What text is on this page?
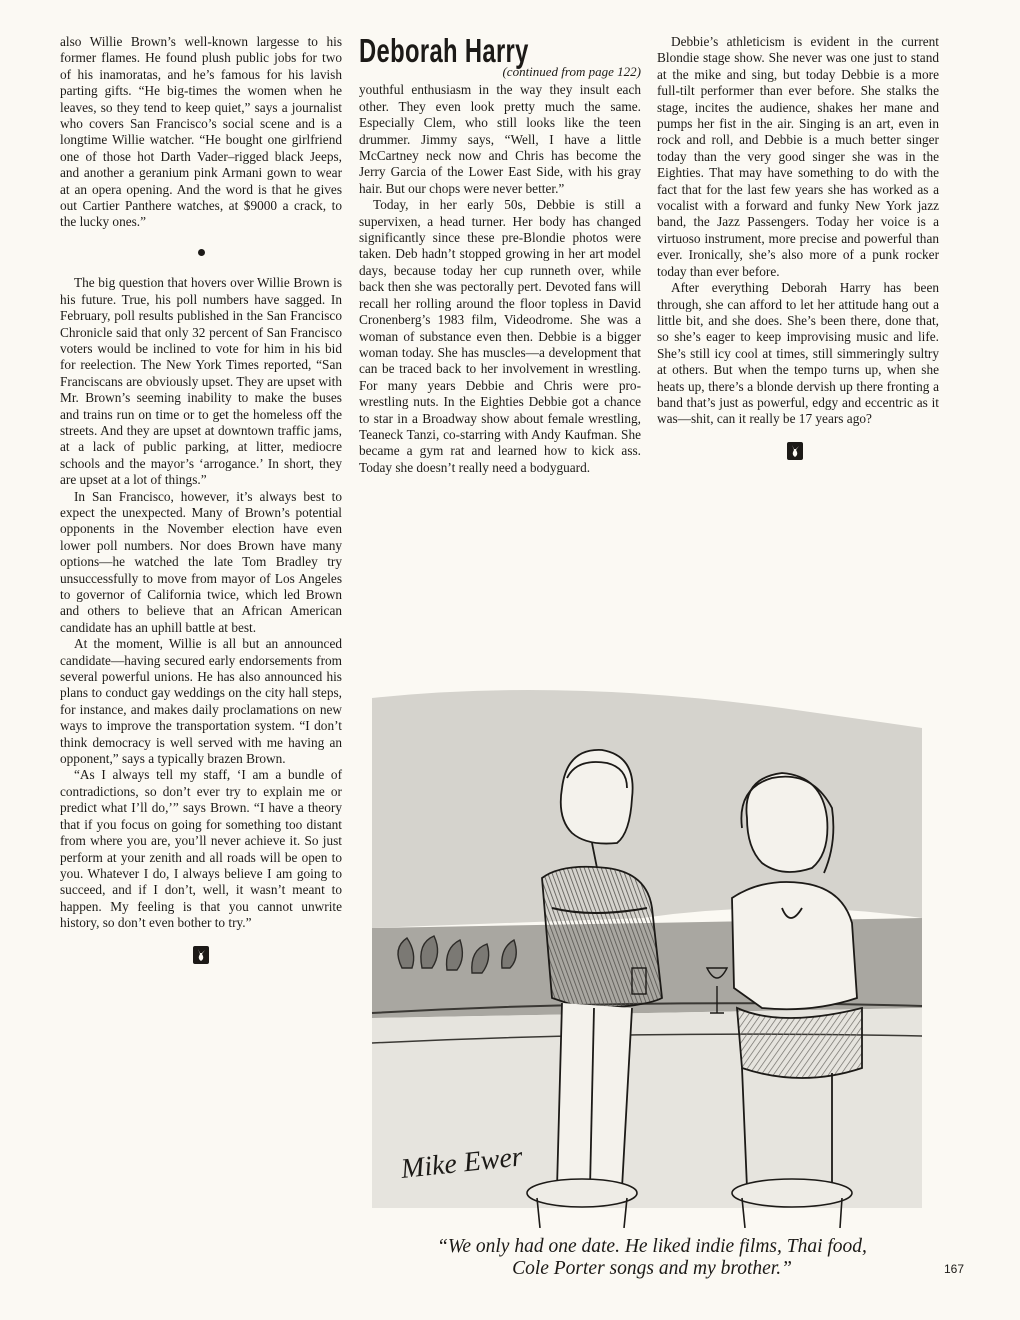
also Willie Brown’s well-known largesse to his former flames. He found plush public jobs for two of his inamoratas, and he’s famous for his lavish parting gifts. “He big-times the women when he leaves, so they tend to keep quiet,” says a journalist who covers San Francisco’s social scene and is a longtime Willie watcher. “He bought one girlfriend one of those hot Darth Vader–rigged black Jeeps, and another a geranium pink Armani gown to wear at an opera opening. And the word is that he gives out Cartier Panthere watches, at $9000 a crack, to the lucky ones.”

The big question that hovers over Willie Brown is his future. True, his poll numbers have sagged. In February, poll results published in the San Francisco Chronicle said that only 32 percent of San Francisco voters would be inclined to vote for him in his bid for reelection. The New York Times reported, “San Franciscans are obviously upset. They are upset with Mr. Brown’s seeming inability to make the buses and trains run on time or to get the homeless off the streets. And they are upset at downtown traffic jams, at a lack of public parking, at litter, mediocre schools and the mayor’s ‘arrogance.’ In short, they are upset at a lot of things.”

In San Francisco, however, it’s always best to expect the unexpected. Many of Brown’s potential opponents in the November election have even lower poll numbers. Nor does Brown have many options—he watched the late Tom Bradley try unsuccessfully to move from mayor of Los Angeles to governor of California twice, which led Brown and others to believe that an African American candidate has an uphill battle at best.

At the moment, Willie is all but an announced candidate—having secured early endorsements from several powerful unions. He has also announced his plans to conduct gay weddings on the city hall steps, for instance, and makes daily proclamations on new ways to improve the transportation system. “I don’t think democracy is well served with me having an opponent,” says a typically brazen Brown.

“As I always tell my staff, ‘I am a bundle of contradictions, so don’t ever try to explain me or predict what I’ll do,’” says Brown. “I have a theory that if you focus on going for something too distant from where you are, you’ll never achieve it. So just perform at your zenith and all roads will be open to you. Whatever I do, I always believe I am going to succeed, and if I don’t, well, it wasn’t meant to happen. My feeling is that you cannot unwrite history, so don’t even bother to try.”

Deborah Harry
(continued from page 122)

youthful enthusiasm in the way they insult each other. They even look pretty much the same. Especially Clem, who still looks like the teen drummer. Jimmy says, “Well, I have a little McCartney neck now and Chris has become the Jerry Garcia of the Lower East Side, with his gray hair. But our chops were never better.”

Today, in her early 50s, Debbie is still a supervixen, a head turner. Her body has changed significantly since these pre-Blondie photos were taken. Deb hadn’t stopped growing in her art model days, because today her cup runneth over, while back then she was pectorally pert. Devoted fans will recall her rolling around the floor topless in David Cronenberg’s 1983 film, Videodrome. She was a woman of substance even then. Debbie is a bigger woman today. She has muscles—a development that can be traced back to her involvement in wrestling. For many years Debbie and Chris were pro-wrestling nuts. In the Eighties Debbie got a chance to star in a Broadway show about female wrestling, Teaneck Tanzi, co-starring with Andy Kaufman. She became a gym rat and learned how to kick ass. Today she doesn’t really need a bodyguard.

Debbie’s athleticism is evident in the current Blondie stage show. She never was one just to stand at the mike and sing, but today Debbie is a more full-tilt performer than ever before. She stalks the stage, incites the audience, shakes her mane and pumps her fist in the air. Singing is an art, even in rock and roll, and Debbie is a much better singer today than the very good singer she was in the Eighties. That may have something to do with the fact that for the last few years she has worked as a vocalist with a forward and funky New York jazz band, the Jazz Passengers. Today her voice is a virtuoso instrument, more precise and powerful than ever. Ironically, she’s also more of a punk rocker today than ever before.

After everything Deborah Harry has been through, she can afford to let her attitude hang out a little bit, and she does. She’s been there, done that, so she’s eager to keep improvising music and life. She’s still icy cool at times, still simmeringly sultry at others. But when the tempo turns up, when she heats up, there’s a blonde dervish up there fronting a band that’s just as powerful, edgy and eccentric as it was—shit, can it really be 17 years ago?

Mike Ewer
“We only had one date. He liked indie films, Thai food,
Cole Porter songs and my brother.”	167
